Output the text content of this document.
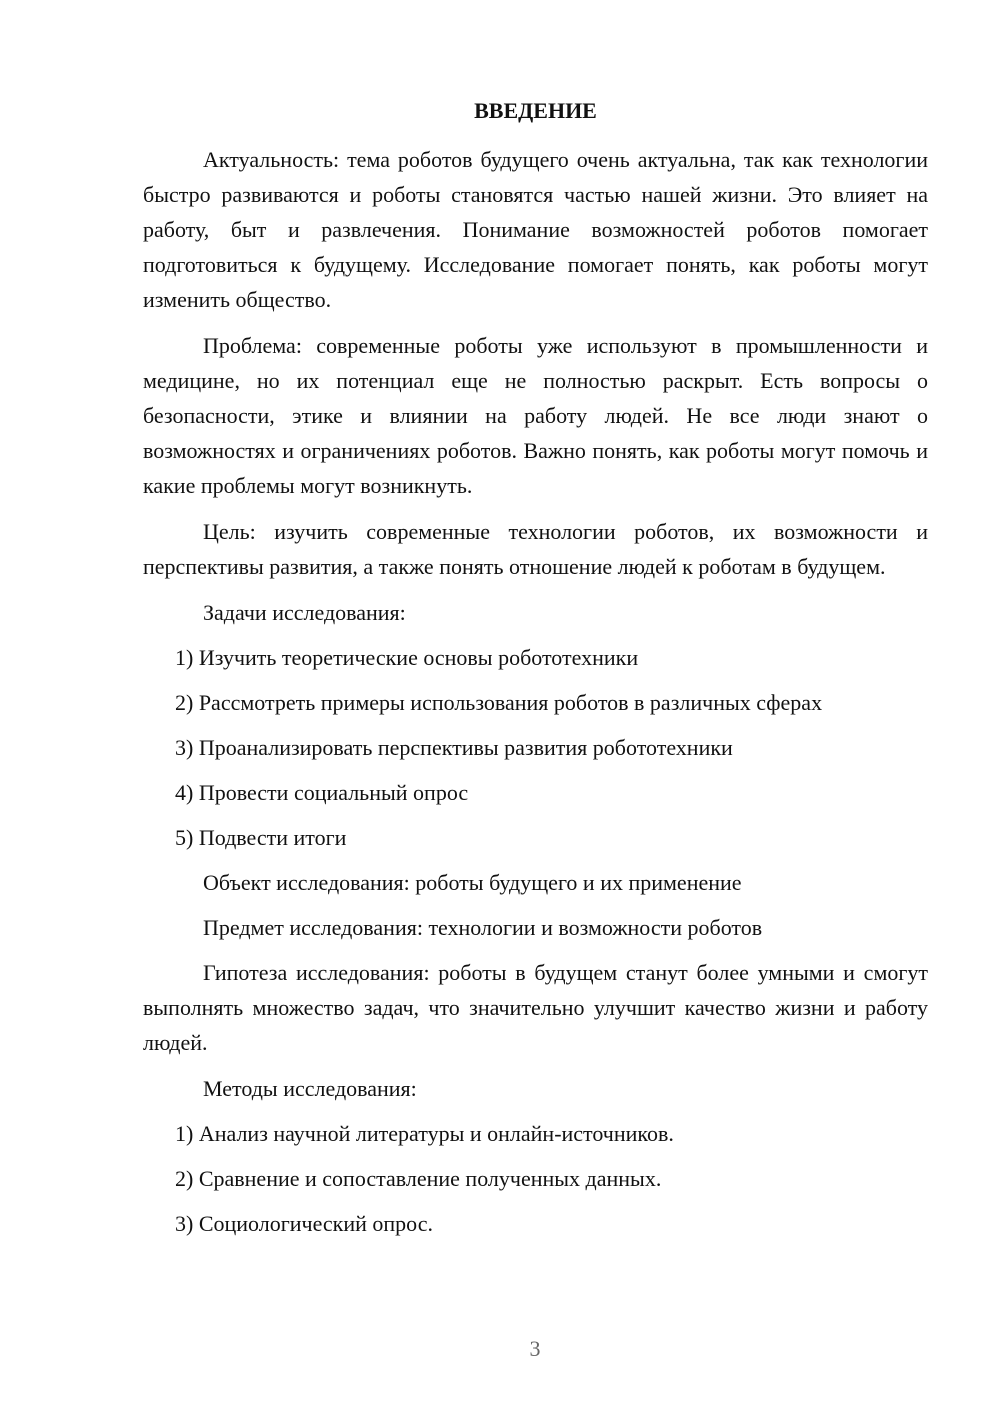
ВВЕДЕНИЕ

Актуальность: тема роботов будущего очень актуальна, так как технологии быстро развиваются и роботы становятся частью нашей жизни. Это влияет на работу, быт и развлечения. Понимание возможностей роботов помогает подготовиться к будущему. Исследование помогает понять, как роботы могут изменить общество.

Проблема: современные роботы уже используют в промышленности и медицине, но их потенциал еще не полностью раскрыт. Есть вопросы о безопасности, этике и влиянии на работу людей. Не все люди знают о возможностях и ограничениях роботов. Важно понять, как роботы могут помочь и какие проблемы могут возникнуть.

Цель: изучить современные технологии роботов, их возможности и перспективы развития, а также понять отношение людей к роботам в будущем.

Задачи исследования:
1) Изучить теоретические основы робототехники
2) Рассмотреть примеры использования роботов в различных сферах
3) Проанализировать перспективы развития робототехники
4) Провести социальный опрос
5) Подвести итоги
Объект исследования: роботы будущего и их применение
Предмет исследования: технологии и возможности роботов

Гипотеза исследования: роботы в будущем станут более умными и смогут выполнять множество задач, что значительно улучшит качество жизни и работу людей.

Методы исследования:
1) Анализ научной литературы и онлайн-источников.
2) Сравнение и сопоставление полученных данных.
3) Социологический опрос.
3
